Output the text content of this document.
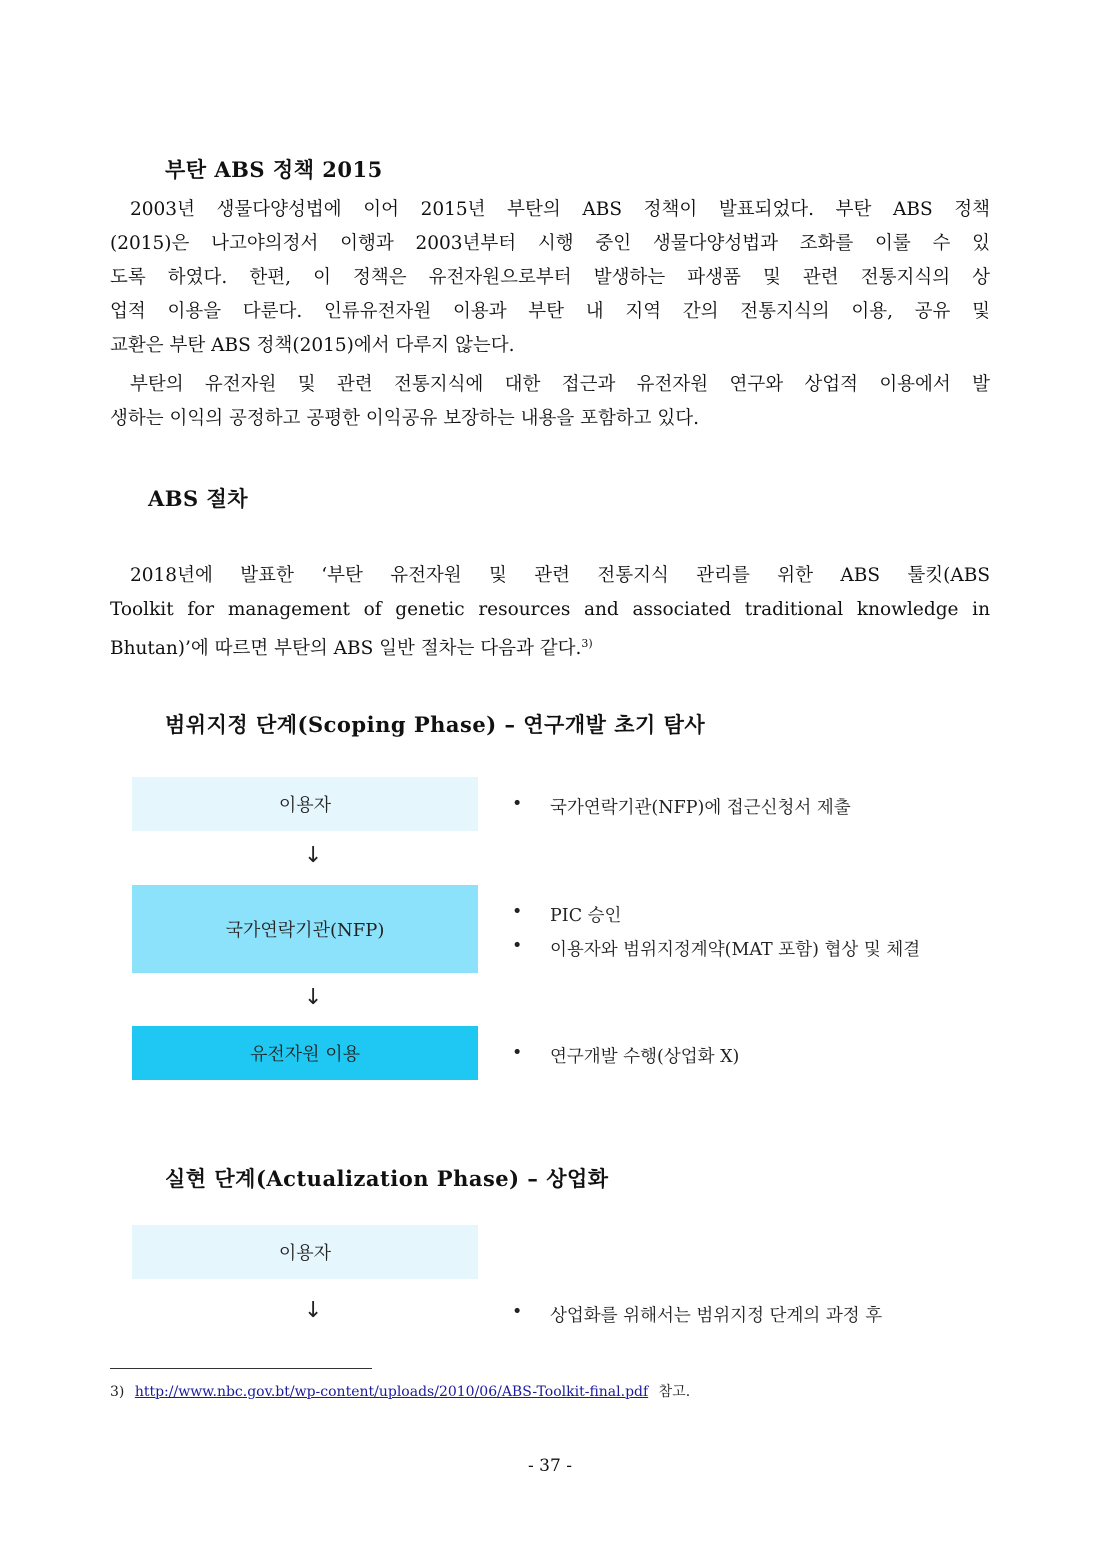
부탄 ABS 정책 2015
2003년 생물다양성법에 이어 2015년 부탄의 ABS 정책이 발표되었다. 부탄 ABS 정책
(2015)은 나고야의정서 이행과 2003년부터 시행 중인 생물다양성법과 조화를 이룰 수 있
도록 하였다. 한편, 이 정책은 유전자원으로부터 발생하는 파생품 및 관련 전통지식의 상
업적 이용을 다룬다. 인류유전자원 이용과 부탄 내 지역 간의 전통지식의 이용, 공유 및
교환은 부탄 ABS 정책(2015)에서 다루지 않는다.
부탄의 유전자원 및 관련 전통지식에 대한 접근과 유전자원 연구와 상업적 이용에서 발
생하는 이익의 공정하고 공평한 이익공유 보장하는 내용을 포함하고 있다.
ABS 절차
2018년에 발표한 ‘부탄 유전자원 및 관련 전통지식 관리를 위한 ABS 툴킷(ABS
Toolkit for management of genetic resources and associated traditional knowledge in
Bhutan)’에 따르면 부탄의 ABS 일반 절차는 다음과 같다.$^{3)}$
범위지정 단계(Scoping Phase) – 연구개발 초기 탐사
이용자
↓
국가연락기관(NFP)
↓
유전자원 이용
•	국가연락기관(NFP)에 접근신청서 제출
•	PIC 승인
•	이용자와 범위지정계약(MAT 포함) 협상 및 체결
•	연구개발 수행(상업화 X)
실현 단계(Actualization Phase) – 상업화
이용자
↓	•	상업화를 위해서는 범위지정 단계의 과정 후
3) http://www.nbc.gov.bt/wp-content/uploads/2010/06/ABS-Toolkit-final.pdf 참고.
- 37 -
